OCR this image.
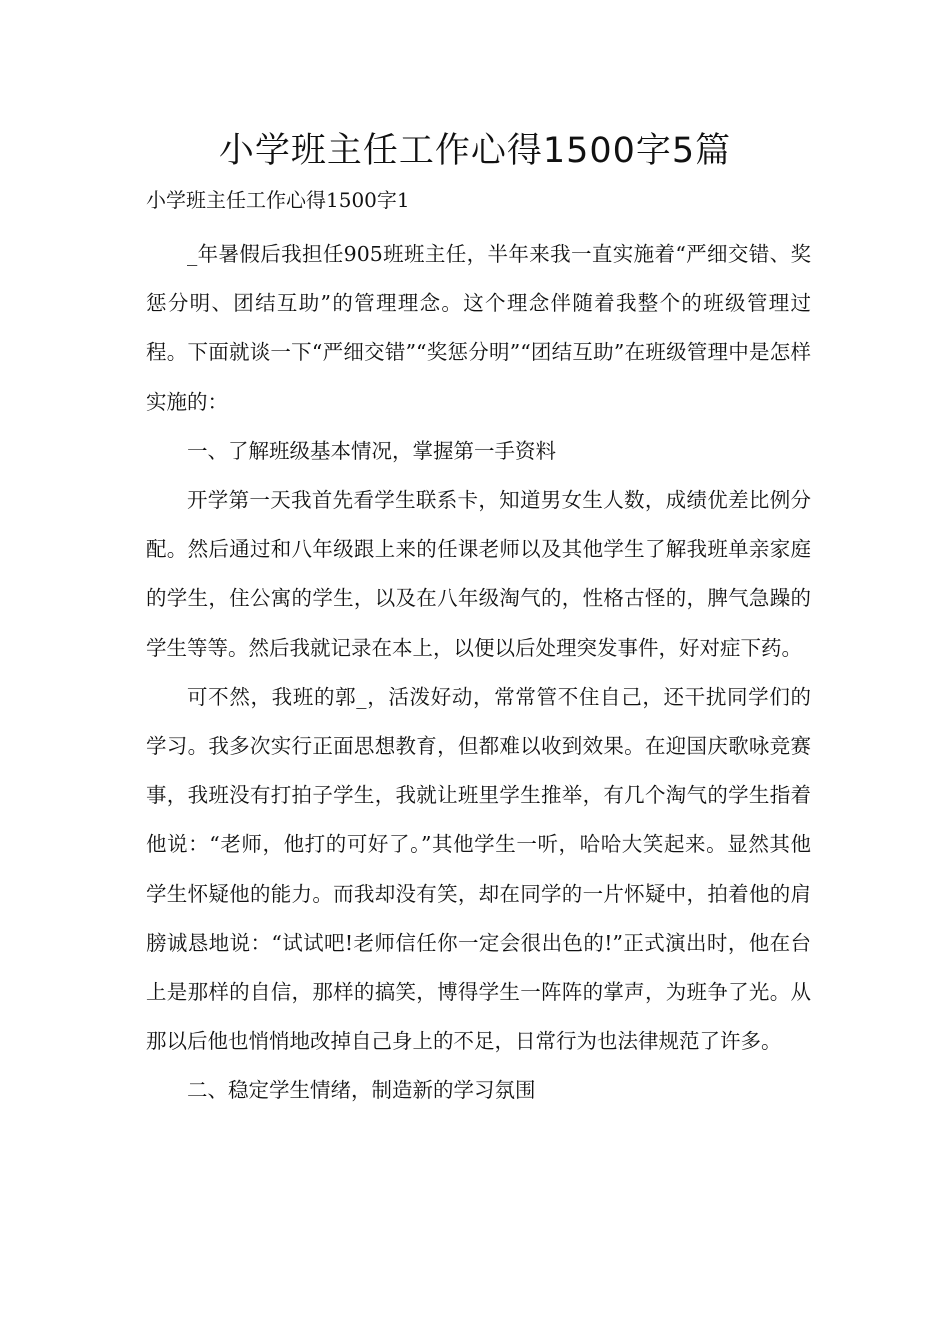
小学班主任工作心得1500字5篇

小学班主任工作心得1500字1

_年暑假后我担任905班班主任，半年来我一直实施着“严细交错、奖惩分明、团结互助”的管理理念。这个理念伴随着我整个的班级管理过程。下面就谈一下“严细交错”“奖惩分明”“团结互助”在班级管理中是怎样实施的：

一、了解班级基本情况，掌握第一手资料

开学第一天我首先看学生联系卡，知道男女生人数，成绩优差比例分配。然后通过和八年级跟上来的任课老师以及其他学生了解我班单亲家庭的学生，住公寓的学生，以及在八年级淘气的，性格古怪的，脾气急躁的学生等等。然后我就记录在本上，以便以后处理突发事件，好对症下药。

可不然，我班的郭_，活泼好动，常常管不住自己，还干扰同学们的学习。我多次实行正面思想教育，但都难以收到效果。在迎国庆歌咏竞赛事，我班没有打拍子学生，我就让班里学生推举，有几个淘气的学生指着他说：“老师，他打的可好了。”其他学生一听，哈哈大笑起来。显然其他学生怀疑他的能力。而我却没有笑，却在同学的一片怀疑中，拍着他的肩膀诚恳地说：“试试吧!老师信任你一定会很出色的!”正式演出时，他在台上是那样的自信，那样的搞笑，博得学生一阵阵的掌声，为班争了光。从那以后他也悄悄地改掉自己身上的不足，日常行为也法律规范了许多。

二、稳定学生情绪，制造新的学习氛围
